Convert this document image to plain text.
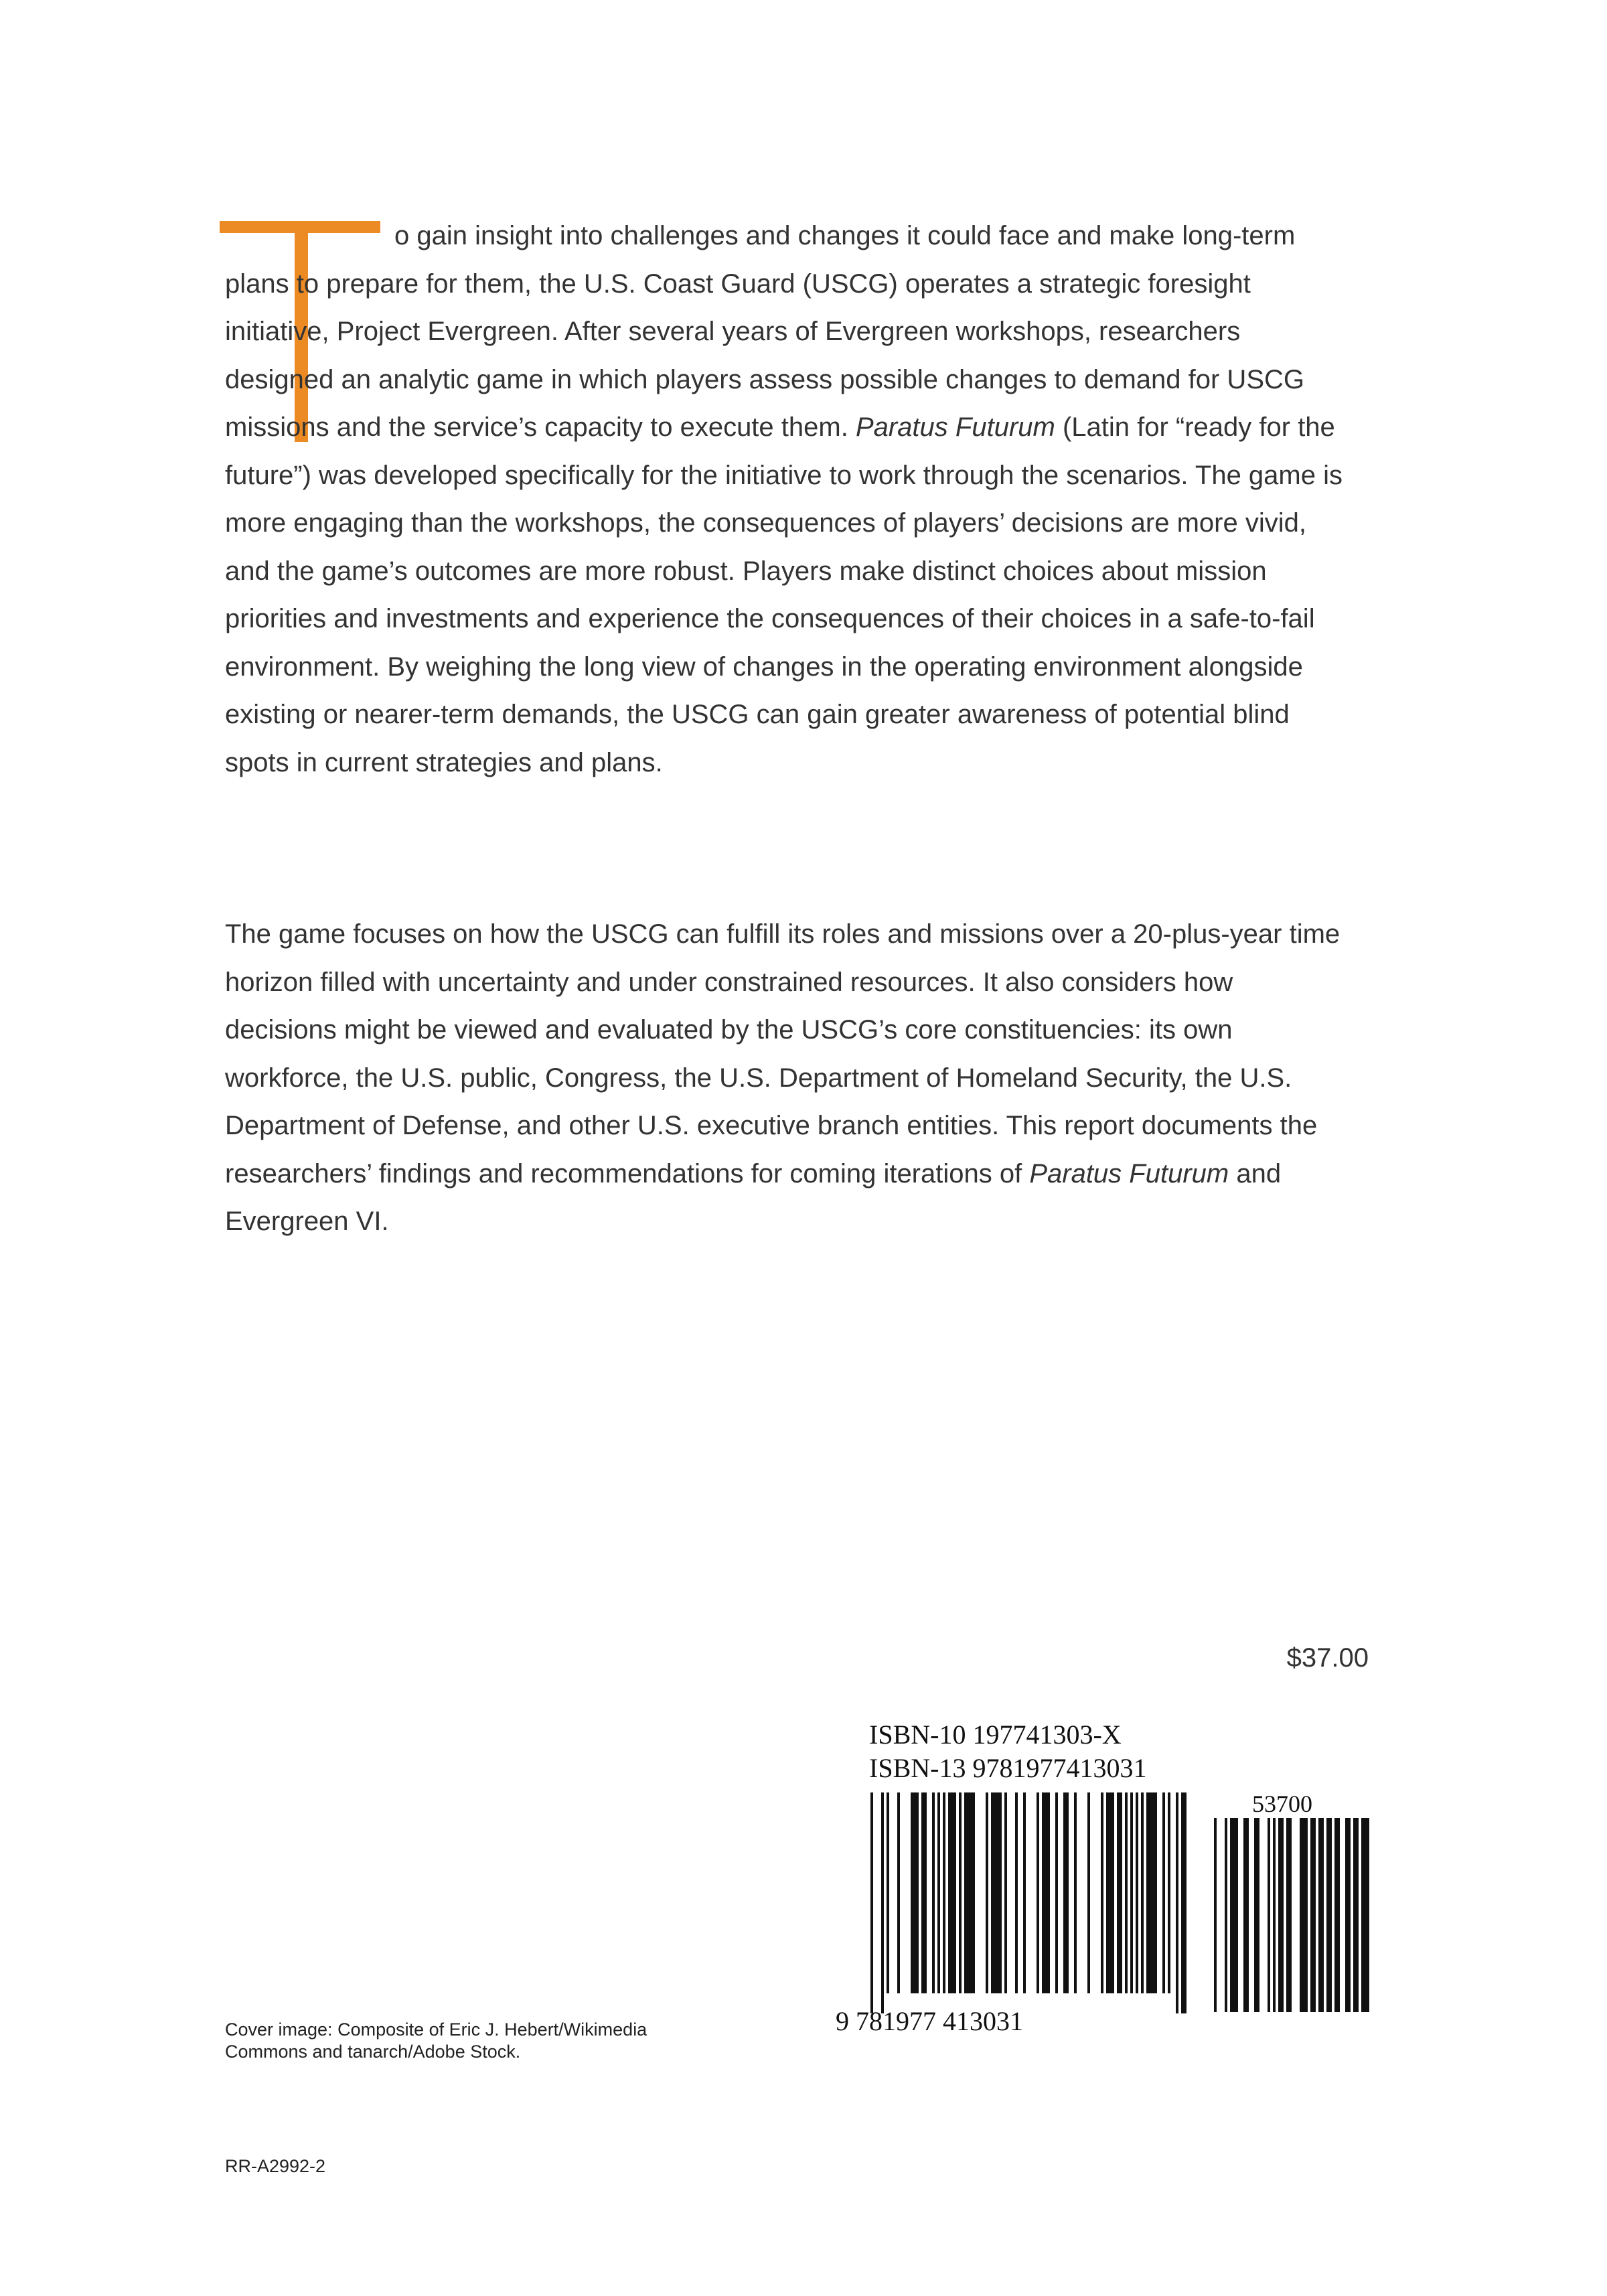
o gain insight into challenges and changes it could face and make long-term plans to prepare for them, the U.S. Coast Guard (USCG) operates a strategic foresight initiative, Project Evergreen. After several years of Evergreen workshops, researchers designed an analytic game in which players assess possible changes to demand for USCG missions and the service’s capacity to execute them. Paratus Futurum (Latin for “ready for the future”) was developed specifically for the initiative to work through the scenarios. The game is more engaging than the workshops, the consequences of players’ decisions are more vivid, and the game’s outcomes are more robust. Players make distinct choices about mission priorities and investments and experience the consequences of their choices in a safe-to-fail environment. By weighing the long view of changes in the operating environment alongside existing or nearer-term demands, the USCG can gain greater awareness of potential blind spots in current strategies and plans.
The game focuses on how the USCG can fulfill its roles and missions over a 20-plus-year time horizon filled with uncertainty and under constrained resources. It also considers how decisions might be viewed and evaluated by the USCG’s core constituencies: its own workforce, the U.S. public, Congress, the U.S. Department of Homeland Security, the U.S. Department of Defense, and other U.S. executive branch entities. This report documents the researchers’ findings and recommendations for coming iterations of Paratus Futurum and Evergreen VI.
$37.00
ISBN-10 197741303-X
ISBN-13 9781977413031
53700
9 781977 413031
Cover image: Composite of Eric J. Hebert/Wikimedia Commons and tanarch/Adobe Stock.
RR-A2992-2
